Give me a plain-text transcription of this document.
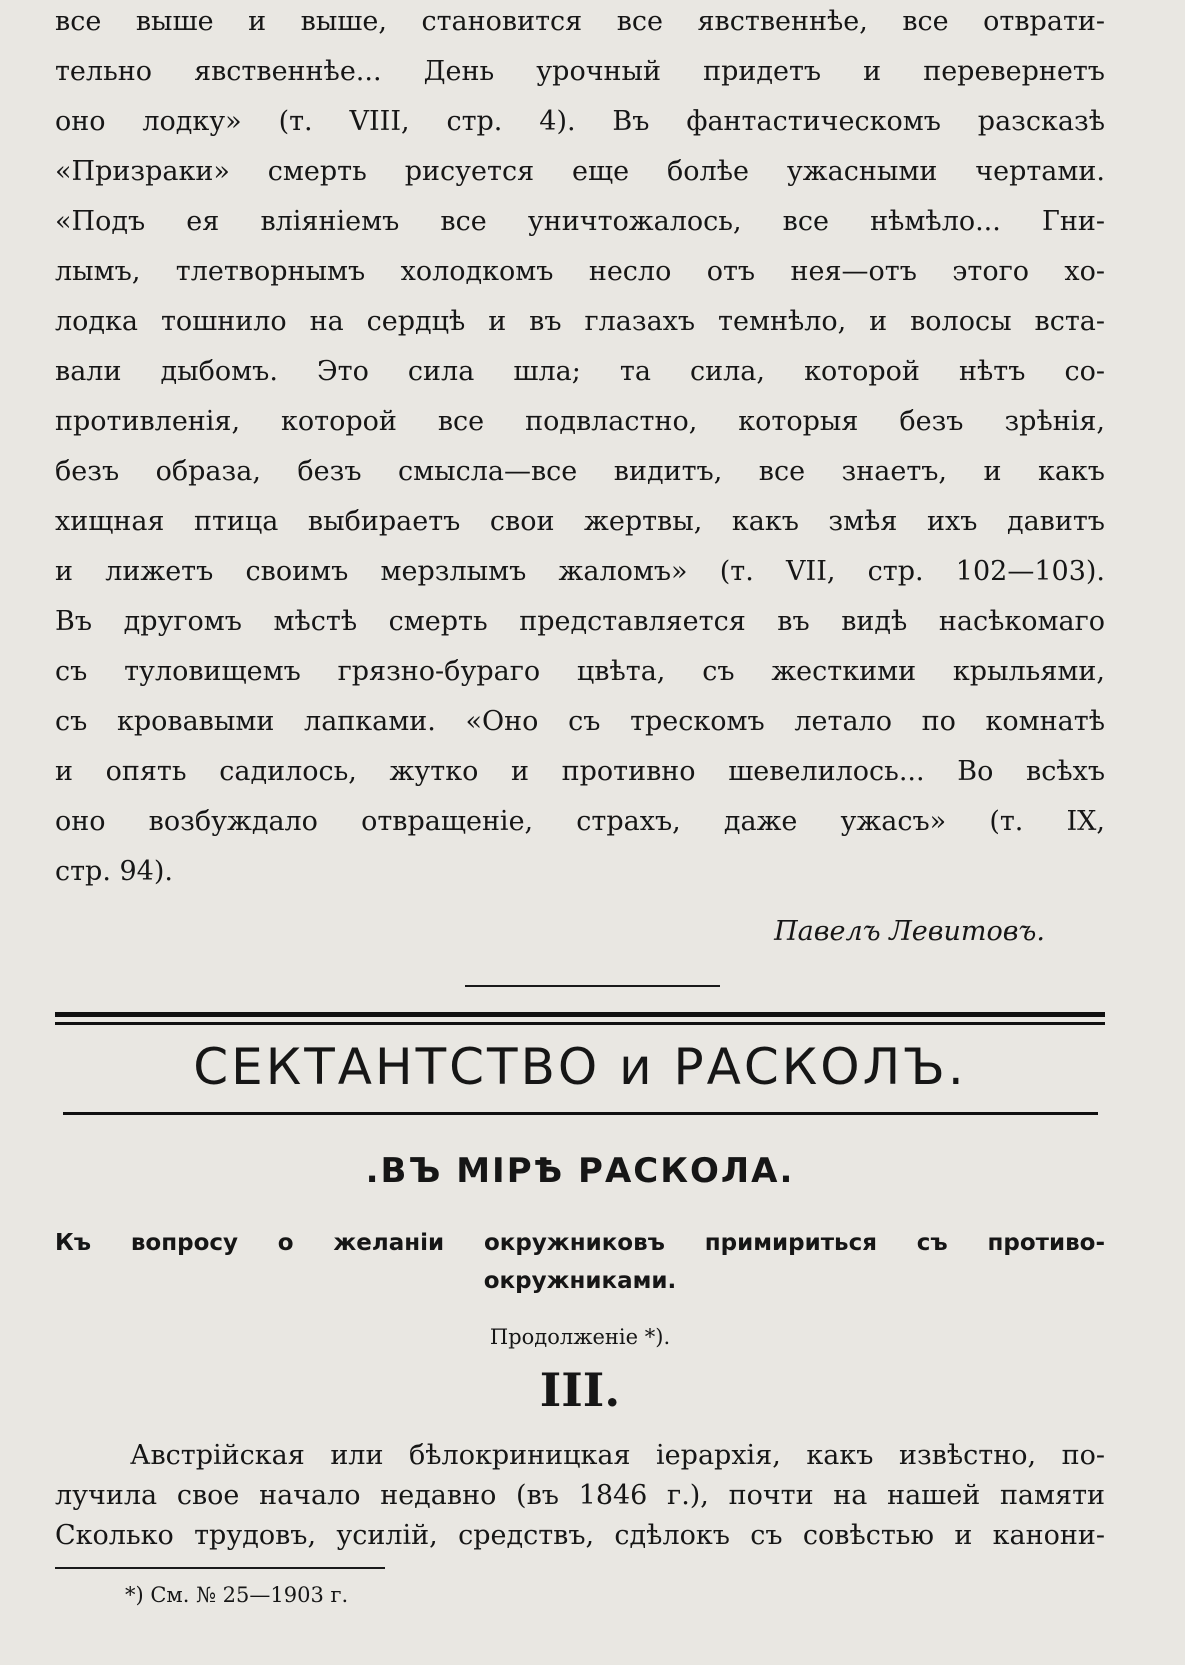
все выше и выше, становится все явственнѣе, все отврати-
тельно явственнѣе... День урочный придетъ и перевернетъ
оно лодку» (т. VIII, стр. 4). Въ фантастическомъ разсказѣ
«Призраки» смерть рисуется еще болѣе ужасными чертами.
«Подъ ея вліяніемъ все уничтожалось, все нѣмѣло... Гни-
лымъ, тлетворнымъ холодкомъ несло отъ нея—отъ этого хо-
лодка тошнило на сердцѣ и въ глазахъ темнѣло, и волосы вста-
вали дыбомъ. Это сила шла; та сила, которой нѣтъ со-
противленія, которой все подвластно, которыя безъ зрѣнія,
безъ образа, безъ смысла—все видитъ, все знаетъ, и какъ
хищная птица выбираетъ свои жертвы, какъ змѣя ихъ давитъ
и лижетъ своимъ мерзлымъ жаломъ» (т. VII, стр. 102—103).
Въ другомъ мѣстѣ смерть представляется въ видѣ насѣкомаго
съ туловищемъ грязно-бураго цвѣта, съ жесткими крыльями,
съ кровавыми лапками. «Оно съ трескомъ летало по комнатѣ
и опять садилось, жутко и противно шевелилось... Во всѣхъ
оно возбуждало отвращеніе, страхъ, даже ужасъ» (т. IX,
стр. 94).
Павелъ Левитовъ.
СЕКТАНТСТВО и РАСКОЛЪ.
.ВЪ МІРѢ РАСКОЛА.
Къ вопросу о желаніи окружниковъ примириться съ противо-
окружниками.
Продолженіе *).
III.
Австрійская или бѣлокриницкая іерархія, какъ извѣстно, по-
лучила свое начало недавно (въ 1846 г.), почти на нашей памяти
Сколько трудовъ, усилій, средствъ, сдѣлокъ съ совѣстью и канони-
*) См. № 25—1903 г.
